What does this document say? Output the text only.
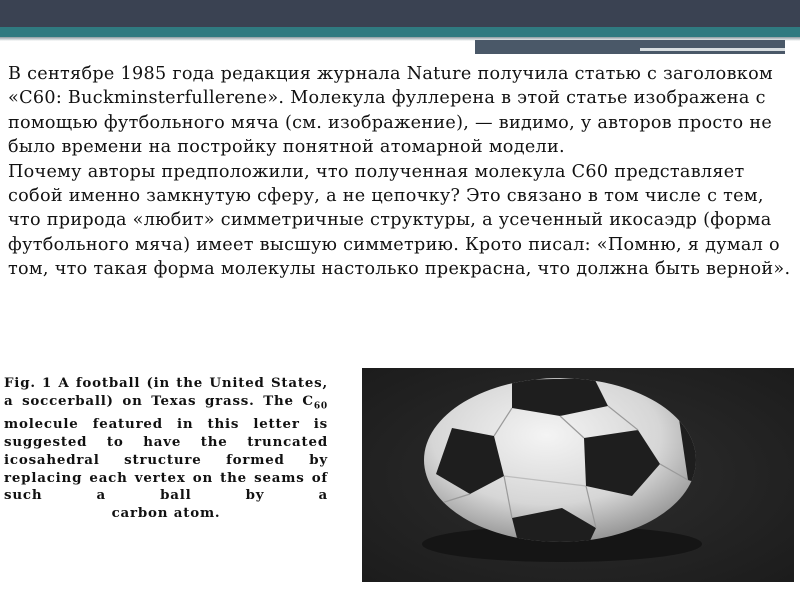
В сентябре 1985 года редакция журнала Nature получила статью с заголовком «C60: Buckminsterfullerene». Молекула фуллерена в этой статье изображена с помощью футбольного мяча (см. изображение), — видимо, у авторов просто не было времени на постройку понятной атомарной модели.

Почему авторы предположили, что полученная молекула C60 представляет собой именно замкнутую сферу, а не цепочку? Это связано в том числе с тем, что природа «любит» симметричные структуры, а усеченный икосаэдр (форма футбольного мяча) имеет высшую симметрию. Крото писал: «Помню, я думал о том, что такая форма молекулы настолько прекрасна, что должна быть верной».

Fig. 1 A football (in the United States, a soccerball) on Texas grass. The $C_{60}$ molecule featured in this letter is suggested to have the truncated icosahedral structure formed by replacing each vertex on the seams of such a ball by a
carbon atom.
